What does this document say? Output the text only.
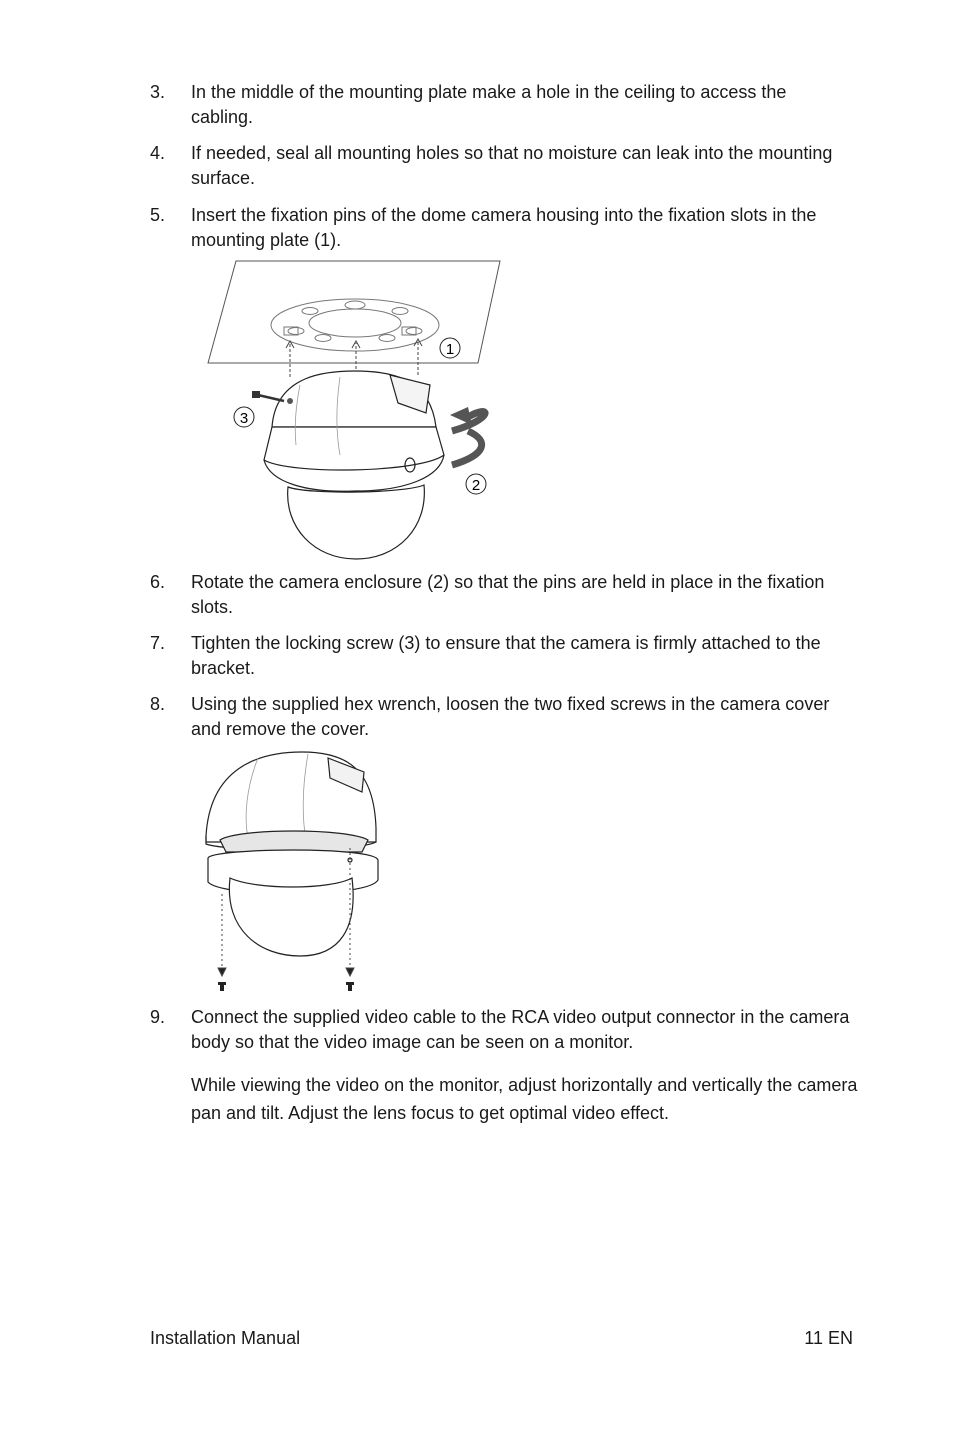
3. In the middle of the mounting plate make a hole in the ceiling to access the cabling.
4. If needed, seal all mounting holes so that no moisture can leak into the mounting surface.
5. Insert the fixation pins of the dome camera housing into the fixation slots in the mounting plate (1).
1
3
2
6. Rotate the camera enclosure (2) so that the pins are held in place in the fixation slots.
7. Tighten the locking screw (3) to ensure that the camera is firmly attached to the bracket.
8. Using the supplied hex wrench, loosen the two fixed screws in the camera cover and remove the cover.
9. Connect the supplied video cable to the RCA video output connector in the camera body so that the video image can be seen on a monitor.
While viewing the video on the monitor, adjust horizontally and vertically the camera pan and tilt. Adjust the lens focus to get optimal video effect.
Installation Manual	11 EN
